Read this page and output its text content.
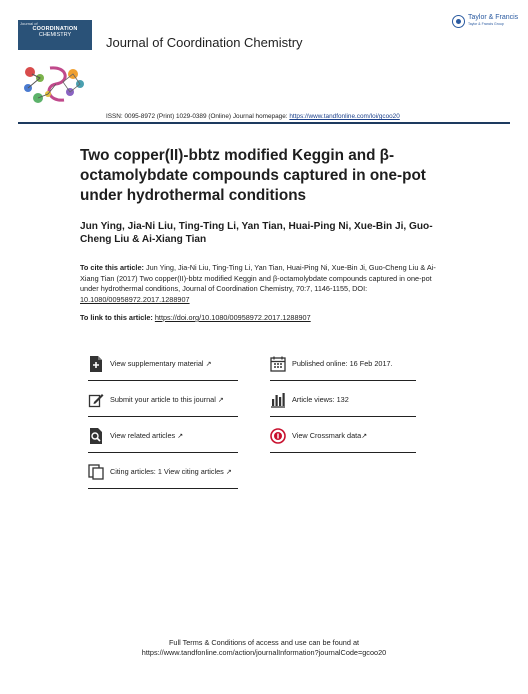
Journal of
COORDINATION
CHEMISTRY	Journal of Coordination Chemistry
Taylor & Francis
Taylor & Francis Group
ISSN: 0095-8972 (Print) 1029-0389 (Online) Journal homepage: https://www.tandfonline.com/loi/gcoo20
Two copper(II)-bbtz modified Keggin and β-octamolybdate compounds captured in one-pot under hydrothermal conditions
Jun Ying, Jia-Ni Liu, Ting-Ting Li, Yan Tian, Huai-Ping Ni, Xue-Bin Ji, Guo-Cheng Liu & Ai-Xiang Tian
To cite this article: Jun Ying, Jia-Ni Liu, Ting-Ting Li, Yan Tian, Huai-Ping Ni, Xue-Bin Ji, Guo-Cheng Liu & Ai-Xiang Tian (2017) Two copper(II)-bbtz modified Keggin and β-octamolybdate compounds captured in one-pot under hydrothermal conditions, Journal of Coordination Chemistry, 70:7, 1146-1155, DOI: 10.1080/00958972.2017.1288907
To link to this article: https://doi.org/10.1080/00958972.2017.1288907
View supplementary material ↗
Submit your article to this journal ↗
View related articles ↗
Citing articles: 1 View citing articles ↗
Published online: 16 Feb 2017.
Article views: 132
View Crossmark data↗
Full Terms & Conditions of access and use can be found at
https://www.tandfonline.com/action/journalInformation?journalCode=gcoo20
